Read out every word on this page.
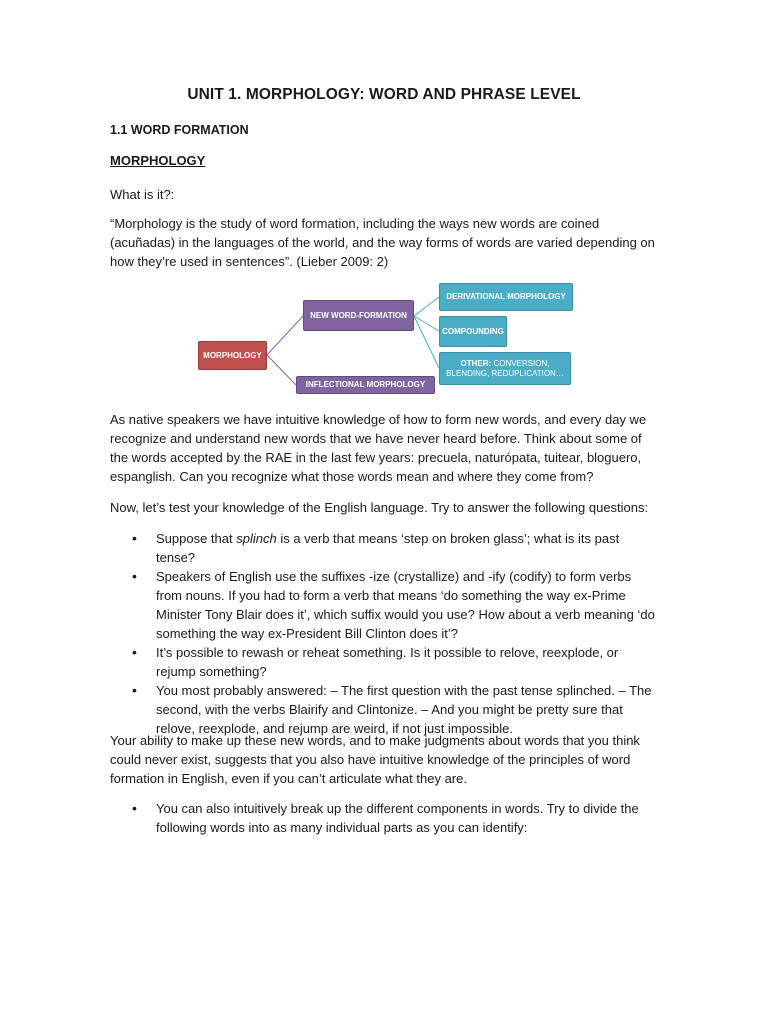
UNIT 1. MORPHOLOGY: WORD AND PHRASE LEVEL
1.1 WORD FORMATION
MORPHOLOGY

What is it?:

“Morphology is the study of word formation, including the ways new words are coined (acuñadas) in the languages of the world, and the way forms of words are varied depending on how they’re used in sentences”. (Lieber 2009: 2)

MORPHOLOGY
NEW WORD-FORMATION
INFLECTIONAL MORPHOLOGY
DERIVATIONAL MORPHOLOGY
COMPOUNDING
OTHER: CONVERSION, BLENDING, REDUPLICATION…

As native speakers we have intuitive knowledge of how to form new words, and every day we recognize and understand new words that we have never heard before. Think about some of the words accepted by the RAE in the last few years: precuela, naturópata, tuitear, bloguero, espanglish. Can you recognize what those words mean and where they come from?

Now, let’s test your knowledge of the English language. Try to answer the following questions:

• Suppose that splinch is a verb that means ‘step on broken glass’; what is its past tense?
• Speakers of English use the suffixes -ize (crystallize) and -ify (codify) to form verbs from nouns. If you had to form a verb that means ‘do something the way ex-Prime Minister Tony Blair does it’, which suffix would you use? How about a verb meaning ‘do something the way ex-President Bill Clinton does it’?
• It’s possible to rewash or reheat something. Is it possible to relove, reexplode, or rejump something?
• You most probably answered: – The first question with the past tense splinched. – The second, with the verbs Blairify and Clintonize. – And you might be pretty sure that relove, reexplode, and rejump are weird, if not just impossible.

Your ability to make up these new words, and to make judgments about words that you think could never exist, suggests that you also have intuitive knowledge of the principles of word formation in English, even if you can’t articulate what they are.

• You can also intuitively break up the different components in words. Try to divide the following words into as many individual parts as you can identify:
